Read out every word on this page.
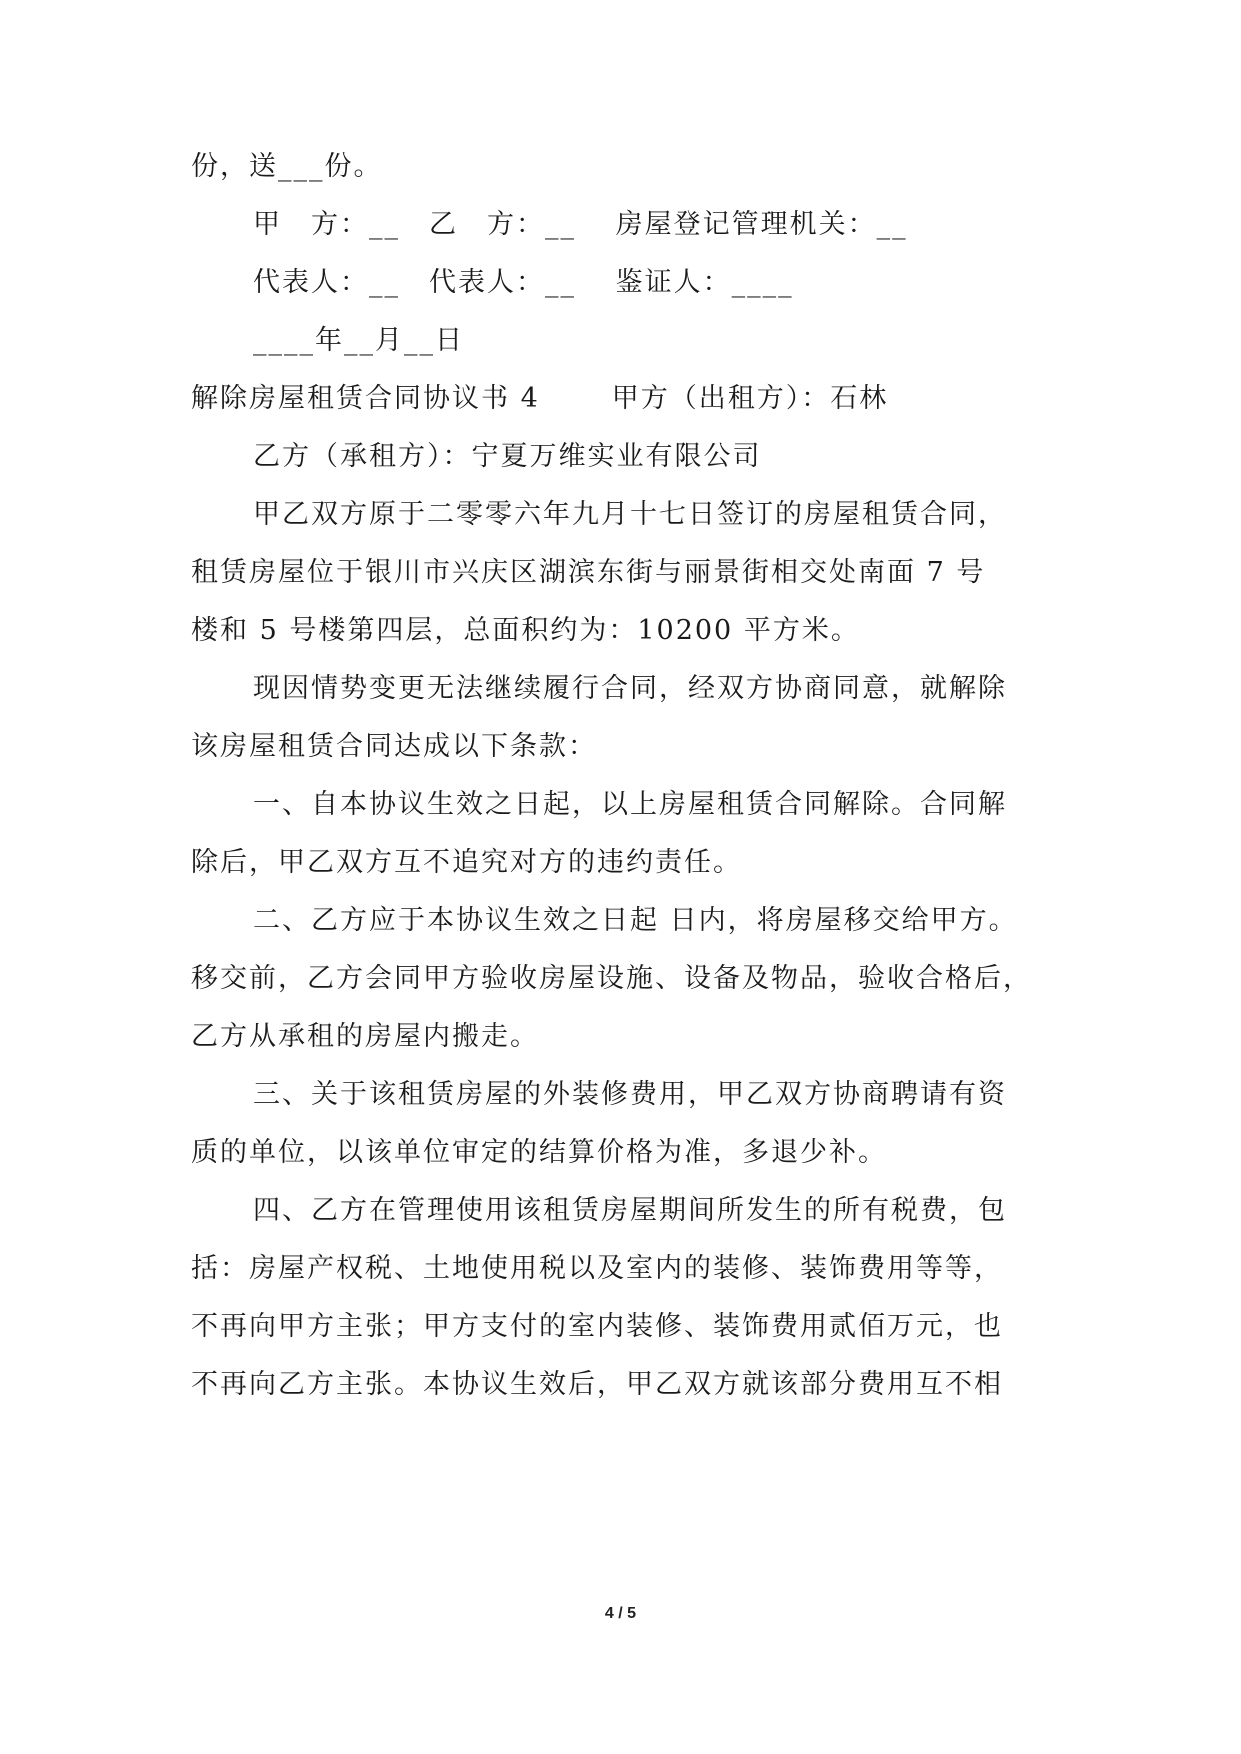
份，送___份。
甲　方：__　乙　方：__　 房屋登记管理机关：__
代表人：__　代表人：__　 鉴证人：____
____年__月__日
解除房屋租赁合同协议书 4	甲方（出租方）：石林
乙方（承租方）：宁夏万维实业有限公司
甲乙双方原于二零零六年九月十七日签订的房屋租赁合同，
租赁房屋位于银川市兴庆区湖滨东街与丽景街相交处南面 7 号
楼和 5 号楼第四层，总面积约为：10200 平方米。
现因情势变更无法继续履行合同，经双方协商同意，就解除
该房屋租赁合同达成以下条款：
一、自本协议生效之日起，以上房屋租赁合同解除。合同解
除后，甲乙双方互不追究对方的违约责任。
二、乙方应于本协议生效之日起 日内，将房屋移交给甲方。
移交前，乙方会同甲方验收房屋设施、设备及物品，验收合格后，
乙方从承租的房屋内搬走。
三、关于该租赁房屋的外装修费用，甲乙双方协商聘请有资
质的单位，以该单位审定的结算价格为准，多退少补。
四、乙方在管理使用该租赁房屋期间所发生的所有税费，包
括：房屋产权税、土地使用税以及室内的装修、装饰费用等等，
不再向甲方主张；甲方支付的室内装修、装饰费用贰佰万元，也
不再向乙方主张。本协议生效后，甲乙双方就该部分费用互不相
4 / 5
